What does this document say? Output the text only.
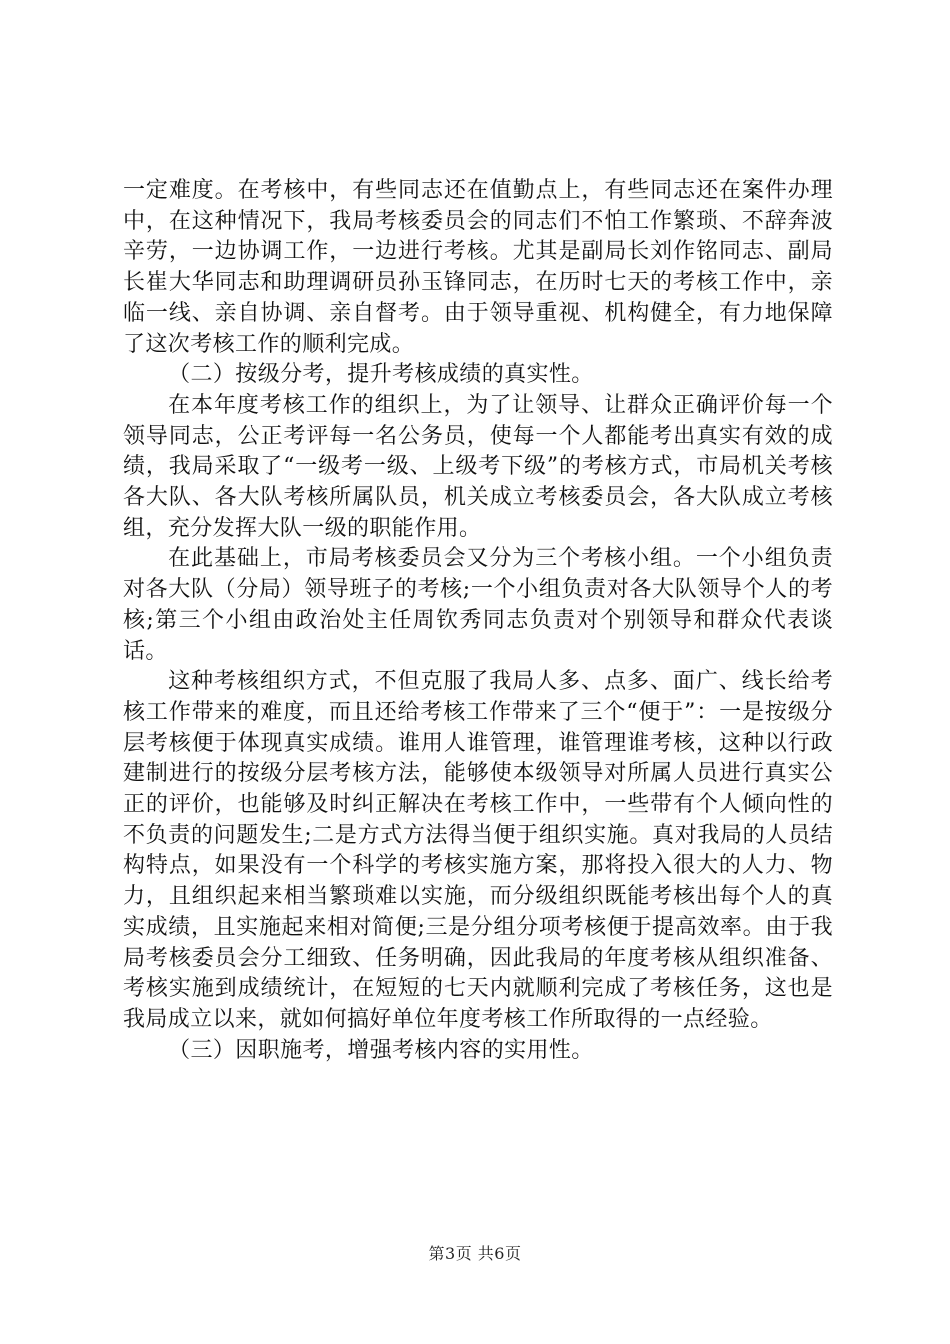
一定难度。在考核中，有些同志还在值勤点上，有些同志还在案件办理中，在这种情况下，我局考核委员会的同志们不怕工作繁琐、不辞奔波辛劳，一边协调工作，一边进行考核。尤其是副局长刘作铭同志、副局长崔大华同志和助理调研员孙玉锋同志，在历时七天的考核工作中，亲临一线、亲自协调、亲自督考。由于领导重视、机构健全，有力地保障了这次考核工作的顺利完成。

（二）按级分考，提升考核成绩的真实性。

在本年度考核工作的组织上，为了让领导、让群众正确评价每一个领导同志，公正考评每一名公务员，使每一个人都能考出真实有效的成绩，我局采取了“一级考一级、上级考下级”的考核方式，市局机关考核各大队、各大队考核所属队员，机关成立考核委员会，各大队成立考核组，充分发挥大队一级的职能作用。

在此基础上，市局考核委员会又分为三个考核小组。一个小组负责对各大队（分局）领导班子的考核;一个小组负责对各大队领导个人的考核;第三个小组由政治处主任周钦秀同志负责对个别领导和群众代表谈话。

这种考核组织方式，不但克服了我局人多、点多、面广、线长给考核工作带来的难度，而且还给考核工作带来了三个“便于”：一是按级分层考核便于体现真实成绩。谁用人谁管理，谁管理谁考核，这种以行政建制进行的按级分层考核方法，能够使本级领导对所属人员进行真实公正的评价，也能够及时纠正解决在考核工作中，一些带有个人倾向性的不负责的问题发生;二是方式方法得当便于组织实施。真对我局的人员结构特点，如果没有一个科学的考核实施方案，那将投入很大的人力、物力，且组织起来相当繁琐难以实施，而分级组织既能考核出每个人的真实成绩，且实施起来相对简便;三是分组分项考核便于提高效率。由于我局考核委员会分工细致、任务明确，因此我局的年度考核从组织准备、考核实施到成绩统计，在短短的七天内就顺利完成了考核任务，这也是我局成立以来，就如何搞好单位年度考核工作所取得的一点经验。

（三）因职施考，增强考核内容的实用性。

第3页 共6页
